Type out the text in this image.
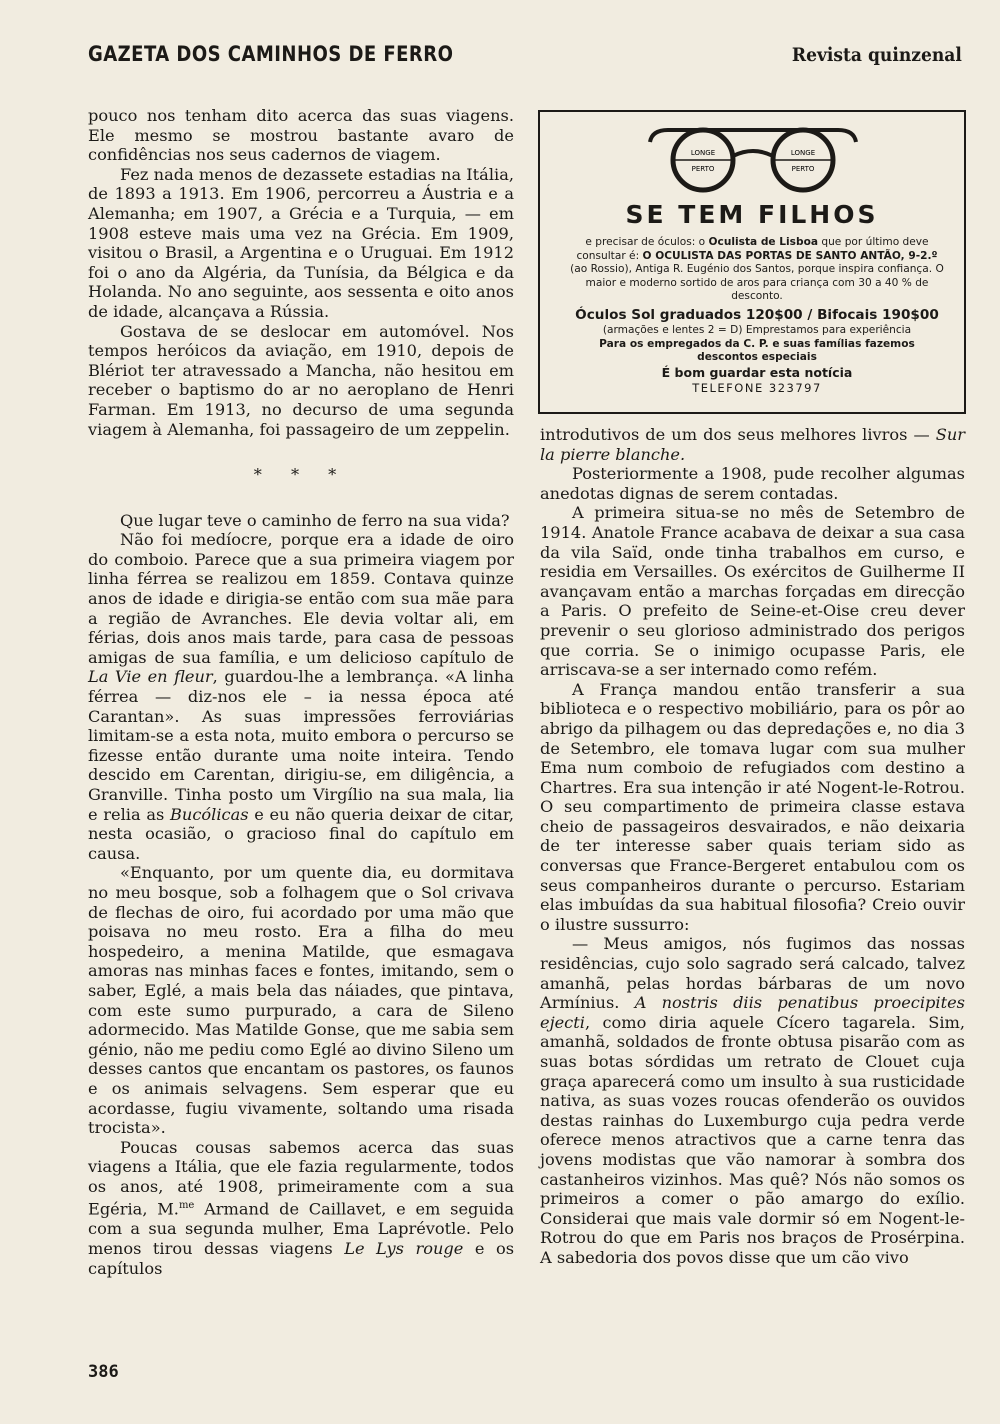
GAZETA DOS CAMINHOS DE FERRO	Revista quinzenal

pouco nos tenham dito acerca das suas viagens. Ele mesmo se mostrou bastante avaro de confidências nos seus cadernos de viagem.

Fez nada menos de dezassete estadias na Itália, de 1893 a 1913. Em 1906, percorreu a Áustria e a Alemanha; em 1907, a Grécia e a Turquia, — em 1908 esteve mais uma vez na Grécia. Em 1909, visitou o Brasil, a Argentina e o Uruguai. Em 1912 foi o ano da Algéria, da Tunísia, da Bélgica e da Holanda. No ano seguinte, aos sessenta e oito anos de idade, alcançava a Rússia.

Gostava de se deslocar em automóvel. Nos tempos heróicos da aviação, em 1910, depois de Blériot ter atravessado a Mancha, não hesitou em receber o baptismo do ar no aeroplano de Henri Farman. Em 1913, no decurso de uma segunda viagem à Alemanha, foi passageiro de um zeppelin.

* * *

Que lugar teve o caminho de ferro na sua vida?

Não foi medíocre, porque era a idade de oiro do comboio. Parece que a sua primeira viagem por linha férrea se realizou em 1859. Contava quinze anos de idade e dirigia-se então com sua mãe para a região de Avranches. Ele devia voltar ali, em férias, dois anos mais tarde, para casa de pessoas amigas de sua família, e um delicioso capítulo de La Vie en fleur, guardou-lhe a lembrança. «A linha férrea — diz-nos ele – ia nessa época até Carantan». As suas impressões ferroviárias limitam-se a esta nota, muito embora o percurso se fizesse então durante uma noite inteira. Tendo descido em Carentan, dirigiu-se, em diligência, a Granville. Tinha posto um Virgílio na sua mala, lia e relia as Bucólicas e eu não queria deixar de citar, nesta ocasião, o gracioso final do capítulo em causa.

«Enquanto, por um quente dia, eu dormitava no meu bosque, sob a folhagem que o Sol crivava de flechas de oiro, fui acordado por uma mão que poisava no meu rosto. Era a filha do meu hospedeiro, a menina Matilde, que esmagava amoras nas minhas faces e fontes, imitando, sem o saber, Eglé, a mais bela das náiades, que pintava, com este sumo purpurado, a cara de Sileno adormecido. Mas Matilde Gonse, que me sabia sem génio, não me pediu como Eglé ao divino Sileno um desses cantos que encantam os pastores, os faunos e os animais selvagens. Sem esperar que eu acordasse, fugiu vivamente, soltando uma risada trocista».

Poucas cousas sabemos acerca das suas viagens a Itália, que ele fazia regularmente, todos os anos, até 1908, primeiramente com a sua Egéria, M.$^{me}$ Armand de Caillavet, e em seguida com a sua segunda mulher, Ema Laprévotle. Pelo menos tirou dessas viagens Le Lys rouge e os capítulos

LONGE
PERTO
LONGE
PERTO
SE TEM FILHOS
e precisar de óculos: o Oculista de Lisboa que por último deve consultar é: O OCULISTA DAS PORTAS DE SANTO ANTÃO, 9-2.º (ao Rossio), Antiga R. Eugénio dos Santos, porque inspira confiança. O maior e moderno sortido de aros para criança com 30 a 40 % de desconto.
Óculos Sol graduados 120$00 / Bifocais 190$00
(armações e lentes 2 = D) Emprestamos para experiência
Para os empregados da C. P. e suas famílias fazemos descontos especiais
É bom guardar esta notícia
TELEFONE 323797

introdutivos de um dos seus melhores livros — Sur la pierre blanche.

Posteriormente a 1908, pude recolher algumas anedotas dignas de serem contadas.

A primeira situa-se no mês de Setembro de 1914. Anatole France acabava de deixar a sua casa da vila Saïd, onde tinha trabalhos em curso, e residia em Versailles. Os exércitos de Guilherme II avançavam então a marchas forçadas em direcção a Paris. O prefeito de Seine-et-Oise creu dever prevenir o seu glorioso administrado dos perigos que corria. Se o inimigo ocupasse Paris, ele arriscava-se a ser internado como refém.

A França mandou então transferir a sua biblioteca e o respectivo mobiliário, para os pôr ao abrigo da pilhagem ou das depredações e, no dia 3 de Setembro, ele tomava lugar com sua mulher Ema num comboio de refugiados com destino a Chartres. Era sua intenção ir até Nogent-le-Rotrou. O seu compartimento de primeira classe estava cheio de passageiros desvairados, e não deixaria de ter interesse saber quais teriam sido as conversas que France-Bergeret entabulou com os seus companheiros durante o percurso. Estariam elas imbuídas da sua habitual filosofia? Creio ouvir o ilustre sussurro:

— Meus amigos, nós fugimos das nossas residências, cujo solo sagrado será calcado, talvez amanhã, pelas hordas bárbaras de um novo Armínius. A nostris diis penatibus proecipites ejecti, como diria aquele Cícero tagarela. Sim, amanhã, soldados de fronte obtusa pisarão com as suas botas sórdidas um retrato de Clouet cuja graça aparecerá como um insulto à sua rusticidade nativa, as suas vozes roucas ofenderão os ouvidos destas rainhas do Luxemburgo cuja pedra verde oferece menos atractivos que a carne tenra das jovens modistas que vão namorar à sombra dos castanheiros vizinhos. Mas quê? Nós não somos os primeiros a comer o pão amargo do exílio. Considerai que mais vale dormir só em Nogent-le-Rotrou do que em Paris nos braços de Prosérpina. A sabedoria dos povos disse que um cão vivo

386
